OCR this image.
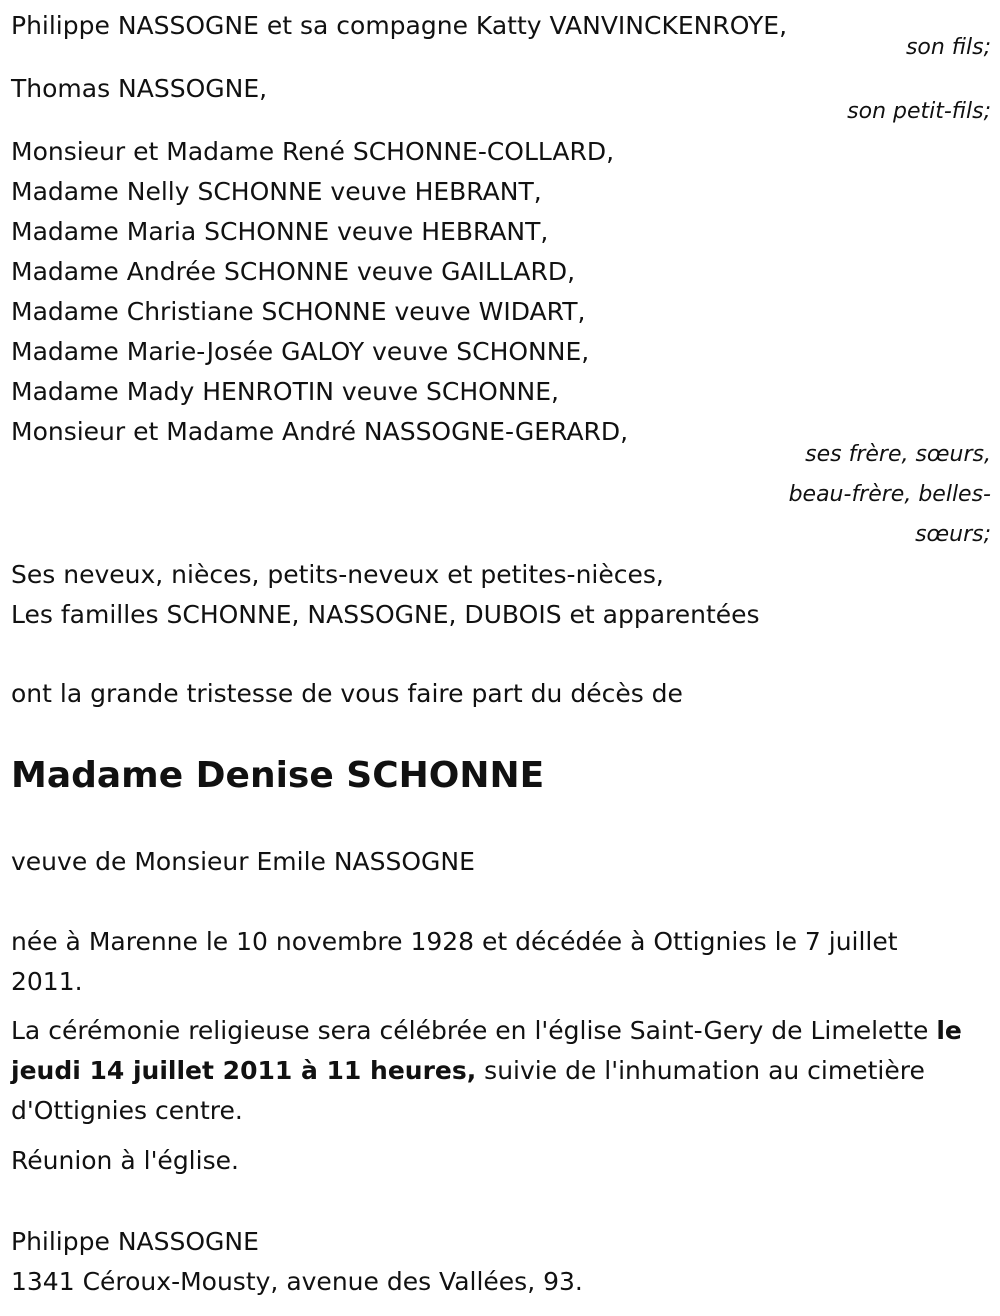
Philippe NASSOGNE et sa compagne Katty VANVINCKENROYE,
son fils;
Thomas NASSOGNE,
son petit-fils;
Monsieur et Madame René SCHONNE-COLLARD,
Madame Nelly SCHONNE veuve HEBRANT,
Madame Maria SCHONNE veuve HEBRANT,
Madame Andrée SCHONNE veuve GAILLARD,
Madame Christiane SCHONNE veuve WIDART,
Madame Marie-Josée GALOY veuve SCHONNE,
Madame Mady HENROTIN veuve SCHONNE,
Monsieur et Madame André NASSOGNE-GERARD,
ses frère, sœurs,
beau-frère, belles-
sœurs;
Ses neveux, nièces, petits-neveux et petites-nièces,
Les familles SCHONNE, NASSOGNE, DUBOIS et apparentées
ont la grande tristesse de vous faire part du décès de
Madame Denise SCHONNE
veuve de Monsieur Emile NASSOGNE
née à Marenne le 10 novembre 1928 et décédée à Ottignies le 7 juillet 2011.
La cérémonie religieuse sera célébrée en l'église Saint-Gery de Limelette le jeudi 14 juillet 2011 à 11 heures, suivie de l'inhumation au cimetière d'Ottignies centre.
Réunion à l'église.
Philippe NASSOGNE
1341 Céroux-Mousty, avenue des Vallées, 93.
